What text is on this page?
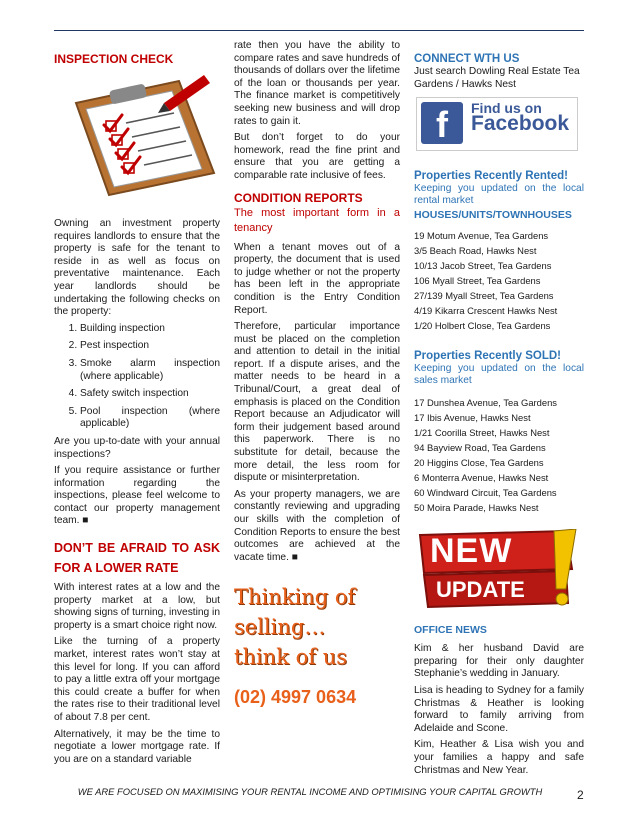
INSPECTION CHECK

Owning an investment property requires landlords to ensure that the property is safe for the tenant to reside in as well as focus on preventative maintenance. Each year landlords should be undertaking the following checks on the property:

1. Building inspection
2. Pest inspection
3. Smoke alarm inspection (where applicable)
4. Safety switch inspection
5. Pool inspection (where applicable)

Are you up-to-date with your annual inspections?

If you require assistance or further information regarding the inspections, please feel welcome to contact our property management team. ■

DON’T BE AFRAID TO ASK FOR A LOWER RATE

With interest rates at a low and the property market at a low, but showing signs of turning, investing in property is a smart choice right now.

Like the turning of a property market, interest rates won’t stay at this level for long. If you can afford to pay a little extra off your mortgage this could create a buffer for when the rates rise to their traditional level of about 7.8 per cent.

Alternatively, it may be the time to negotiate a lower mortgage rate. If you are on a standard variable

rate then you have the ability to compare rates and save hundreds of thousands of dollars over the lifetime of the loan or thousands per year. The finance market is competitively seeking new business and will drop rates to gain it.

But don’t forget to do your homework, read the fine print and ensure that you are getting a comparable rate inclusive of fees.

CONDITION REPORTS

The most important form in a tenancy

When a tenant moves out of a property, the document that is used to judge whether or not the property has been left in the appropriate condition is the Entry Condition Report.

Therefore, particular importance must be placed on the completion and attention to detail in the initial report. If a dispute arises, and the matter needs to be heard in a Tribunal/Court, a great deal of emphasis is placed on the Condition Report because an Adjudicator will form their judgement based around this paperwork. There is no substitute for detail, because the more detail, the less room for dispute or misinterpretation.

As your property managers, we are constantly reviewing and upgrading our skills with the completion of Condition Reports to ensure the best outcomes are achieved at the vacate time. ■

Thinking of
selling…
think of us
(02) 4997 0634

CONNECT WTH US

Just search Dowling Real Estate Tea Gardens / Hawks Nest

f	Find us on
Facebook

Properties Recently Rented!

Keeping you updated on the local rental market

HOUSES/UNITS/TOWNHOUSES

19 Motum Avenue, Tea Gardens

3/5 Beach Road, Hawks Nest

10/13 Jacob Street, Tea Gardens

106 Myall Street, Tea Gardens

27/139 Myall Street, Tea Gardens

4/19 Kikarra Crescent Hawks Nest

1/20 Holbert Close, Tea Gardens

Properties Recently SOLD!

Keeping you updated on the local sales market

17 Dunshea Avenue, Tea Gardens

17 Ibis Avenue, Hawks Nest

1/21 Coorilla Street, Hawks Nest

94 Bayview Road, Tea Gardens

20 Higgins Close, Tea Gardens

6 Monterra Avenue, Hawks Nest

60 Windward Circuit, Tea Gardens

50 Moira Parade, Hawks Nest

NEW
UPDATE

OFFICE NEWS

Kim & her husband David are preparing for their only daughter Stephanie’s wedding in January.

Lisa is heading to Sydney for a family Christmas & Heather is looking forward to family arriving from Adelaide and Scone.

Kim, Heather & Lisa wish you and your families a happy and safe Christmas and New Year.

WE ARE FOCUSED ON MAXIMISING YOUR RENTAL INCOME AND OPTIMISING YOUR CAPITAL GROWTH	2
